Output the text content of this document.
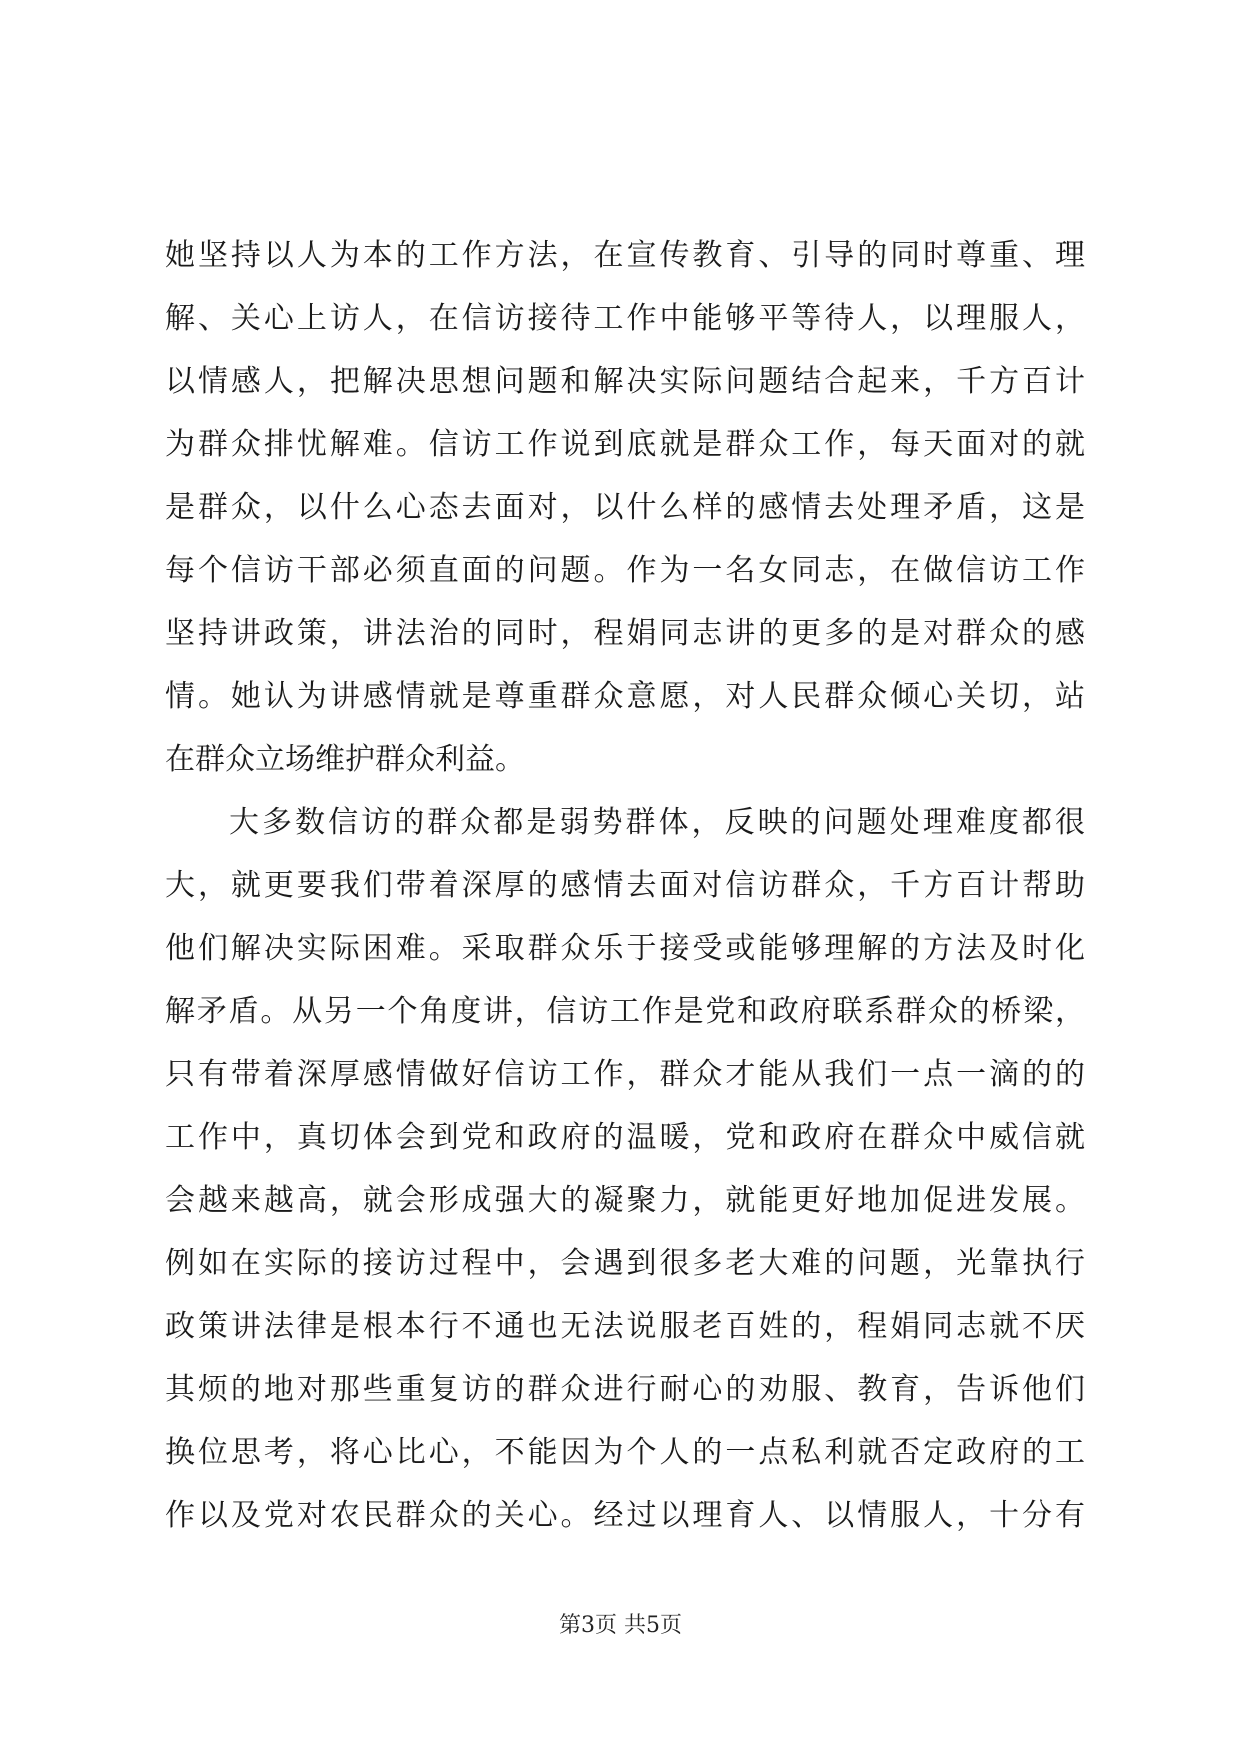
她坚持以人为本的工作方法，在宣传教育、引导的同时尊重、理
解、关心上访人，在信访接待工作中能够平等待人，以理服人，
以情感人，把解决思想问题和解决实际问题结合起来，千方百计
为群众排忧解难。信访工作说到底就是群众工作，每天面对的就
是群众，以什么心态去面对，以什么样的感情去处理矛盾，这是
每个信访干部必须直面的问题。作为一名女同志，在做信访工作
坚持讲政策，讲法治的同时，程娟同志讲的更多的是对群众的感
情。她认为讲感情就是尊重群众意愿，对人民群众倾心关切，站
在群众立场维护群众利益。
大多数信访的群众都是弱势群体，反映的问题处理难度都很
大，就更要我们带着深厚的感情去面对信访群众，千方百计帮助
他们解决实际困难。采取群众乐于接受或能够理解的方法及时化
解矛盾。从另一个角度讲，信访工作是党和政府联系群众的桥梁，
只有带着深厚感情做好信访工作，群众才能从我们一点一滴的的
工作中，真切体会到党和政府的温暖，党和政府在群众中威信就
会越来越高，就会形成强大的凝聚力，就能更好地加促进发展。
例如在实际的接访过程中，会遇到很多老大难的问题，光靠执行
政策讲法律是根本行不通也无法说服老百姓的，程娟同志就不厌
其烦的地对那些重复访的群众进行耐心的劝服、教育，告诉他们
换位思考，将心比心，不能因为个人的一点私利就否定政府的工
作以及党对农民群众的关心。经过以理育人、以情服人，十分有
第3页 共5页
